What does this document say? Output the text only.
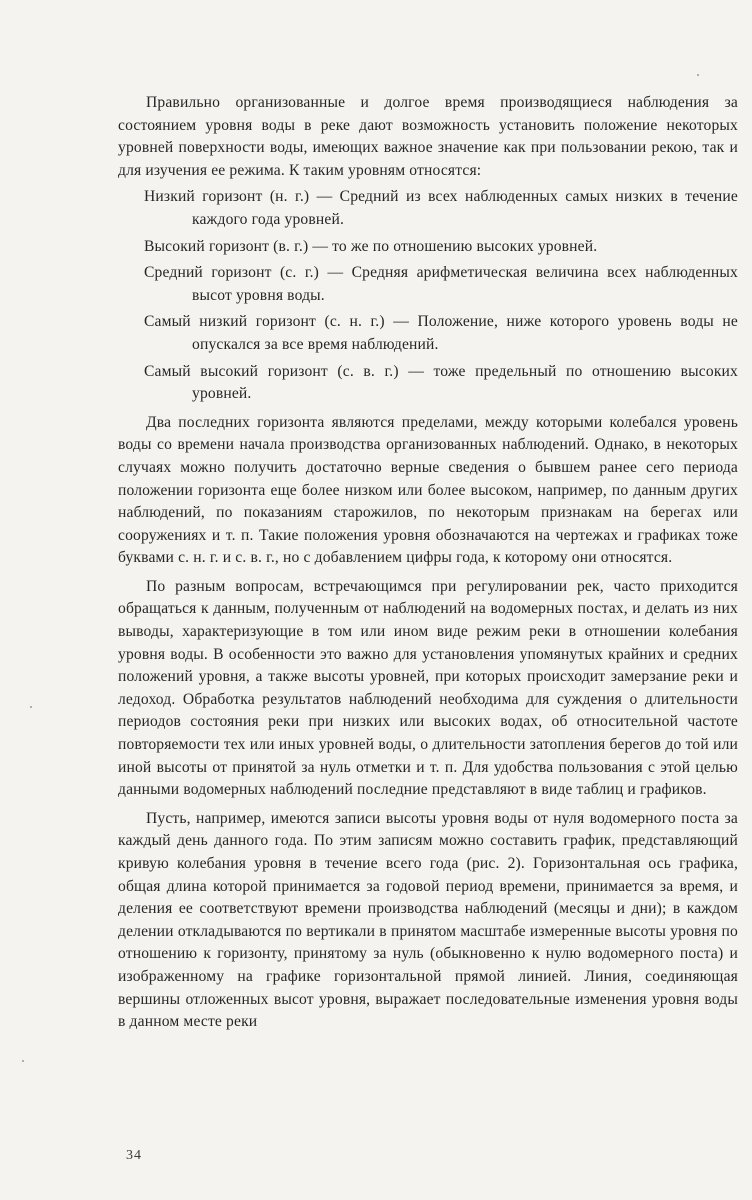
Правильно организованные и долгое время производящиеся наблюдения за состоянием уровня воды в реке дают возможность установить положение некоторых уровней поверхности воды, имеющих важное значение как при пользовании рекою, так и для изучения ее режима. К таким уровням относятся:

Низкий горизонт (н. г.) — Средний из всех наблюденных самых низких в течение каждого года уровней.
Высокий горизонт (в. г.) — то же по отношению высоких уровней.
Средний горизонт (с. г.) — Средняя арифметическая величина всех наблюденных высот уровня воды.
Самый низкий горизонт (с. н. г.) — Положение, ниже которого уровень воды не опускался за все время наблюдений.
Самый высокий горизонт (с. в. г.) — тоже предельный по отношению высоких уровней.

Два последних горизонта являются пределами, между которыми колебался уровень воды со времени начала производства организованных наблюдений. Однако, в некоторых случаях можно получить достаточно верные сведения о бывшем ранее сего периода положении горизонта еще более низком или более высоком, например, по данным других наблюдений, по показаниям старожилов, по некоторым признакам на берегах или сооружениях и т. п. Такие положения уровня обозначаются на чертежах и графиках тоже буквами с. н. г. и с. в. г., но с добавлением цифры года, к которому они относятся.

По разным вопросам, встречающимся при регулировании рек, часто приходится обращаться к данным, полученным от наблюдений на водомерных постах, и делать из них выводы, характеризующие в том или ином виде режим реки в отношении колебания уровня воды. В особенности это важно для установления упомянутых крайних и средних положений уровня, а также высоты уровней, при которых происходит замерзание реки и ледоход. Обработка результатов наблюдений необходима для суждения о длительности периодов состояния реки при низких или высоких водах, об относительной частоте повторяемости тех или иных уровней воды, о длительности затопления берегов до той или иной высоты от принятой за нуль отметки и т. п. Для удобства пользования с этой целью данными водомерных наблюдений последние представляют в виде таблиц и графиков.

Пусть, например, имеются записи высоты уровня воды от нуля водомерного поста за каждый день данного года. По этим записям можно составить график, представляющий кривую колебания уровня в течение всего года (рис. 2). Горизонтальная ось графика, общая длина которой принимается за годовой период времени, принимается за время, и деления ее соответствуют времени производства наблюдений (месяцы и дни); в каждом делении откладываются по вертикали в принятом масштабе измеренные высоты уровня по отношению к горизонту, принятому за нуль (обыкновенно к нулю водомерного поста) и изображенному на графике горизонтальной прямой линией. Линия, соединяющая вершины отложенных высот уровня, выражает последовательные изменения уровня воды в данном месте реки

34
